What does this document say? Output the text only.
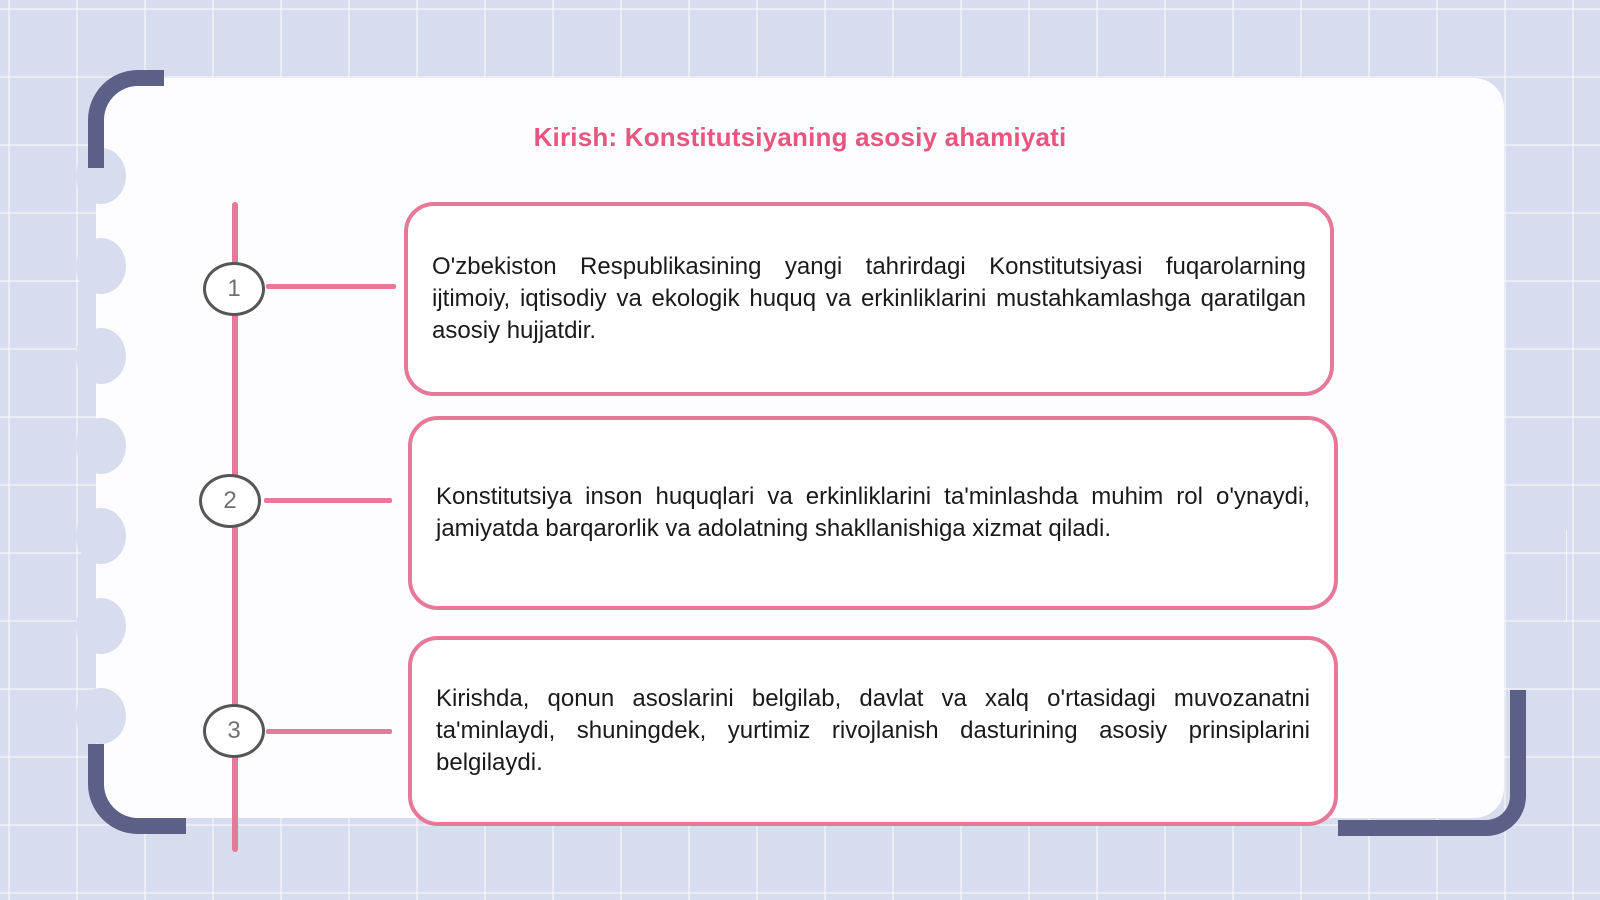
Kirish: Konstitutsiyaning asosiy ahamiyati
1
O'zbekiston Respublikasining yangi tahrirdagi Konstitutsiyasi fuqarolarning ijtimoiy, iqtisodiy va ekologik huquq va erkinliklarini mustahkamlashga qaratilgan asosiy hujjatdir.
2	Konstitutsiya inson huquqlari va erkinliklarini ta'minlashda muhim rol o'ynaydi, jamiyatda barqarorlik va adolatning shakllanishiga xizmat qiladi.
3
Kirishda, qonun asoslarini belgilab, davlat va xalq o'rtasidagi muvozanatni ta'minlaydi, shuningdek, yurtimiz rivojlanish dasturining asosiy prinsiplarini belgilaydi.
